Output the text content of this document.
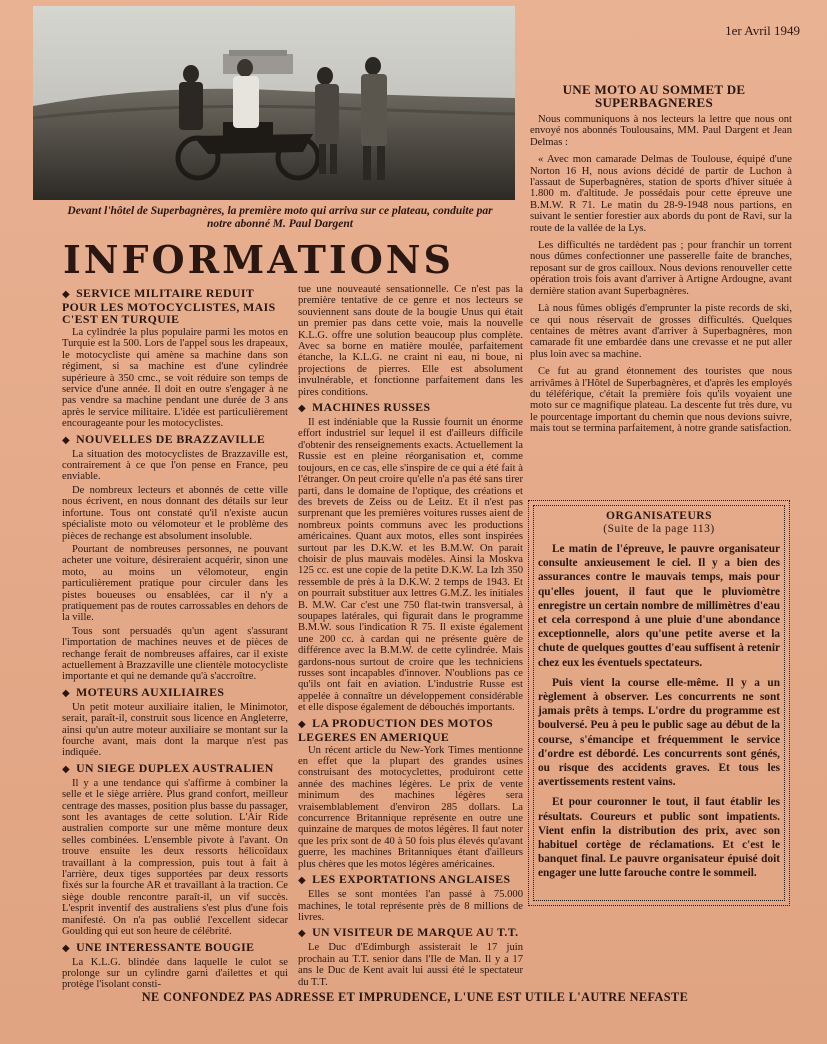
Devant l'hôtel de Superbagnères, la première moto qui arriva sur ce plateau, conduite par notre abonné M. Paul Dargent
1er Avril 1949
UNE MOTO AU SOMMET DE SUPERBAGNERES
INFORMATIONS
◆ SERVICE MILITAIRE REDUIT POUR LES MOTOCYCLISTES, MAIS C'EST EN TURQUIE

La cylindrée la plus populaire parmi les motos en Turquie est la 500. Lors de l'appel sous les drapeaux, le motocycliste qui amène sa machine dans son régiment, si sa machine est d'une cylindrée supérieure à 350 cmc., se voit réduire son temps de service d'une année. Il doit en outre s'engager à ne pas vendre sa machine pendant une durée de 3 ans après le service militaire. L'idée est particulièrement encourageante pour les motocyclistes.

◆ NOUVELLES DE BRAZZAVILLE

La situation des motocyclistes de Brazzaville est, contrairement à ce que l'on pense en France, peu enviable.

De nombreux lecteurs et abonnés de cette ville nous écrivent, en nous donnant des détails sur leur infortune. Tous ont constaté qu'il n'existe aucun spécialiste moto ou vélomoteur et le problème des pièces de rechange est absolument insoluble.

Pourtant de nombreuses personnes, ne pouvant acheter une voiture, désireraient acquérir, sinon une moto, au moins un vélomoteur, engin particulièrement pratique pour circuler dans les pistes boueuses ou ensablées, car il n'y a pratiquement pas de routes carrossables en dehors de la ville.

Tous sont persuadés qu'un agent s'assurant l'importation de machines neuves et de pièces de rechange ferait de nombreuses affaires, car il existe actuellement à Brazzaville une clientèle motocycliste importante et qui ne demande qu'à s'accroître.

◆ MOTEURS AUXILIAIRES

Un petit moteur auxiliaire italien, le Minimotor, serait, paraît-il, construit sous licence en Angleterre, ainsi qu'un autre moteur auxiliaire se montant sur la fourche avant, mais dont la marque n'est pas indiquée.

◆ UN SIEGE DUPLEX AUSTRALIEN

Il y a une tendance qui s'affirme à combiner la selle et le siège arrière. Plus grand confort, meilleur centrage des masses, position plus basse du passager, sont les avantages de cette solution. L'Air Ride australien comporte sur une même monture deux selles combinées. L'ensemble pivote à l'avant. On trouve ensuite les deux ressorts hélicoïdaux travaillant à la compression, puis tout à fait à l'arrière, deux tiges supportées par deux ressorts fixés sur la fourche AR et travaillant à la traction. Ce siège double rencontre paraît-il, un vif succès. L'esprit inventif des australiens s'est plus d'une fois manifesté. On n'a pas oublié l'excellent sidecar Goulding qui eut son heure de célébrité.

◆ UNE INTERESSANTE BOUGIE

La K.L.G. blindée dans laquelle le culot se prolonge sur un cylindre garni d'ailettes et qui protège l'isolant consti-

tue une nouveauté sensationnelle. Ce n'est pas la première tentative de ce genre et nos lecteurs se souviennent sans doute de la bougie Unus qui était un premier pas dans cette voie, mais la nouvelle K.L.G. offre une solution beaucoup plus complète. Avec sa borne en matière moulée, parfaitement étanche, la K.L.G. ne craint ni eau, ni boue, ni projections de pierres. Elle est absolument invulnérable, et fonctionne parfaitement dans les pires conditions.

◆ MACHINES RUSSES

Il est indéniable que la Russie fournit un énorme effort industriel sur lequel il est d'ailleurs difficile d'obtenir des renseignements exacts. Actuellement la Russie est en pleine réorganisation et, comme toujours, en ce cas, elle s'inspire de ce qui a été fait à l'étranger. On peut croire qu'elle n'a pas été sans tirer parti, dans le domaine de l'optique, des créations et des brevets de Zeiss ou de Leitz. Et il n'est pas surprenant que les premières voitures russes aient de nombreux points communs avec les productions américaines. Quant aux motos, elles sont inspirées surtout par les D.K.W. et les B.M.W. On parait choisir de plus mauvais modèles. Ainsi la Moskva 125 cc. est une copie de la petite D.K.W. La Izh 350 ressemble de près à la D.K.W. 2 temps de 1943. Et on pourrait substituer aux lettres G.M.Z. les initiales B. M.W. Car c'est une 750 flat-twin transversal, à soupapes latérales, qui figurait dans le programme B.M.W. sous l'indication R 75. Il existe également une 200 cc. à cardan qui ne présente guère de différence avec la B.M.W. de cette cylindrée. Mais gardons-nous surtout de croire que les techniciens russes sont incapables d'innover. N'oublions pas ce qu'ils ont fait en aviation. L'industrie Russe est appelée à connaître un développement considérable et elle dispose également de débouchés importants.

◆ LA PRODUCTION DES MOTOS LEGERES EN AMERIQUE

Un récent article du New-York Times mentionne en effet que la plupart des grandes usines construisant des motocyclettes, produiront cette année des machines légères. Le prix de vente minimum des machines légères sera vraisemblablement d'environ 285 dollars. La concurrence Britannique représente en outre une quinzaine de marques de motos légères. Il faut noter que les prix sont de 40 à 50 fois plus élevés qu'avant guerre, les machines Britanniques étant d'ailleurs plus chères que les motos légères américaines.

◆ LES EXPORTATIONS ANGLAISES

Elles se sont montées l'an passé à 75.000 machines, le total représente près de 8 millions de livres.

◆ UN VISITEUR DE MARQUE AU T.T.

Le Duc d'Edimburgh assisterait le 17 juin prochain au T.T. senior dans l'Ile de Man. Il y a 17 ans le Duc de Kent avait lui aussi été le spectateur du T.T.

Nous communiquons à nos lecteurs la lettre que nous ont envoyé nos abonnés Toulousains, MM. Paul Dargent et Jean Delmas :

« Avec mon camarade Delmas de Toulouse, équipé d'une Norton 16 H, nous avions décidé de partir de Luchon à l'assaut de Superbagnères, station de sports d'hiver située à 1.800 m. d'altitude. Je possédais pour cette épreuve une B.M.W. R 71. Le matin du 28-9-1948 nous partions, en suivant le sentier forestier aux abords du pont de Ravi, sur la route de la vallée de la Lys.

Les difficultés ne tardèdent pas ; pour franchir un torrent nous dûmes confectionner une passerelle faite de branches, reposant sur de gros cailloux. Nous devions renouveller cette opération trois fois avant d'arriver à Artigne Ardougne, avant dernière station avant Superbagnères.

Là nous fûmes obligés d'emprunter la piste records de ski, ce qui nous réservait de grosses difficultés. Quelques centaines de mètres avant d'arriver à Superbagnères, mon camarade fit une embardée dans une crevasse et ne put aller plus loin avec sa machine.

Ce fut au grand étonnement des touristes que nous arrivâmes à l'Hôtel de Superbagnères, et d'après les employés du téléférique, c'était la première fois qu'ils voyaient une moto sur ce magnifique plateau. La descente fut très dure, vu le pourcentage important du chemin que nous devions suivre, mais tout se termina parfaitement, à notre grande satisfaction.

ORGANISATEURS
(Suite de la page 113)

Le matin de l'épreuve, le pauvre organisateur consulte anxieusement le ciel. Il y a bien des assurances contre le mauvais temps, mais pour qu'elles jouent, il faut que le pluviomètre enregistre un certain nombre de millimètres d'eau et cela correspond à une pluie d'une abondance exceptionnelle, alors qu'une petite averse et la chute de quelques gouttes d'eau suffisent à retenir chez eux les éventuels spectateurs.

Puis vient la course elle-même. Il y a un règlement à observer. Les concurrents ne sont jamais prêts à temps. L'ordre du programme est boulversé. Peu à peu le public sage au début de la course, s'émancipe et fréquemment le service d'ordre est débordé. Les concurrents sont génés, ou risque des accidents graves. Et tous les avertissements restent vains.

Et pour couronner le tout, il faut établir les résultats. Coureurs et public sont impatients. Vient enfin la distribution des prix, avec son habituel cortège de réclamations. Et c'est le banquet final. Le pauvre organisateur épuisé doit engager une lutte farouche contre le sommeil.

NE CONFONDEZ PAS ADRESSE ET IMPRUDENCE, L'UNE EST UTILE L'AUTRE NEFASTE
